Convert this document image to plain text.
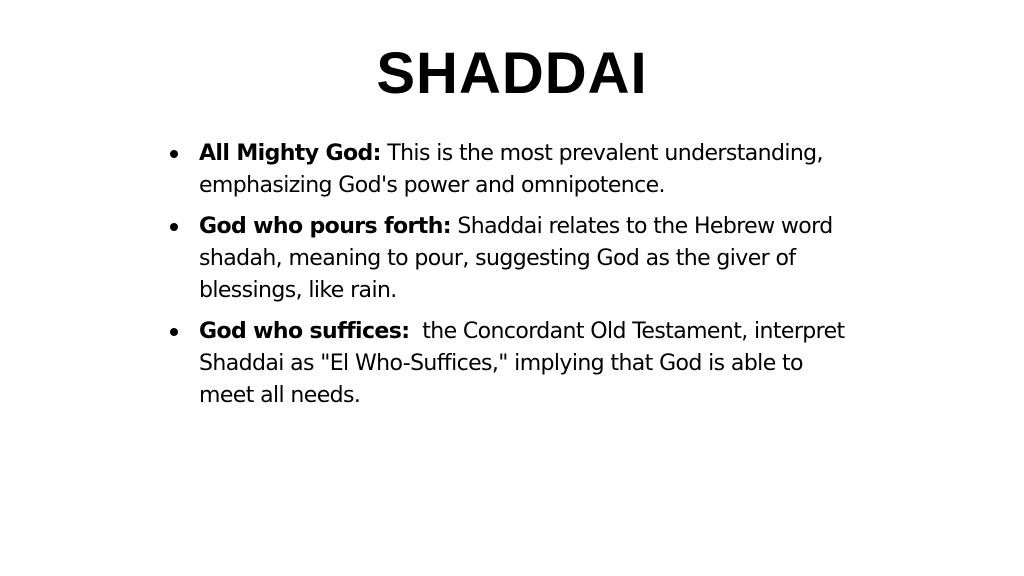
SHADDAI
All Mighty God: This is the most prevalent understanding, emphasizing God's power and omnipotence.
God who pours forth: Shaddai relates to the Hebrew word shadah, meaning to pour, suggesting God as the giver of blessings, like rain.
God who suffices:  the Concordant Old Testament, interpret Shaddai as "El Who-Suffices," implying that God is able to meet all needs.
